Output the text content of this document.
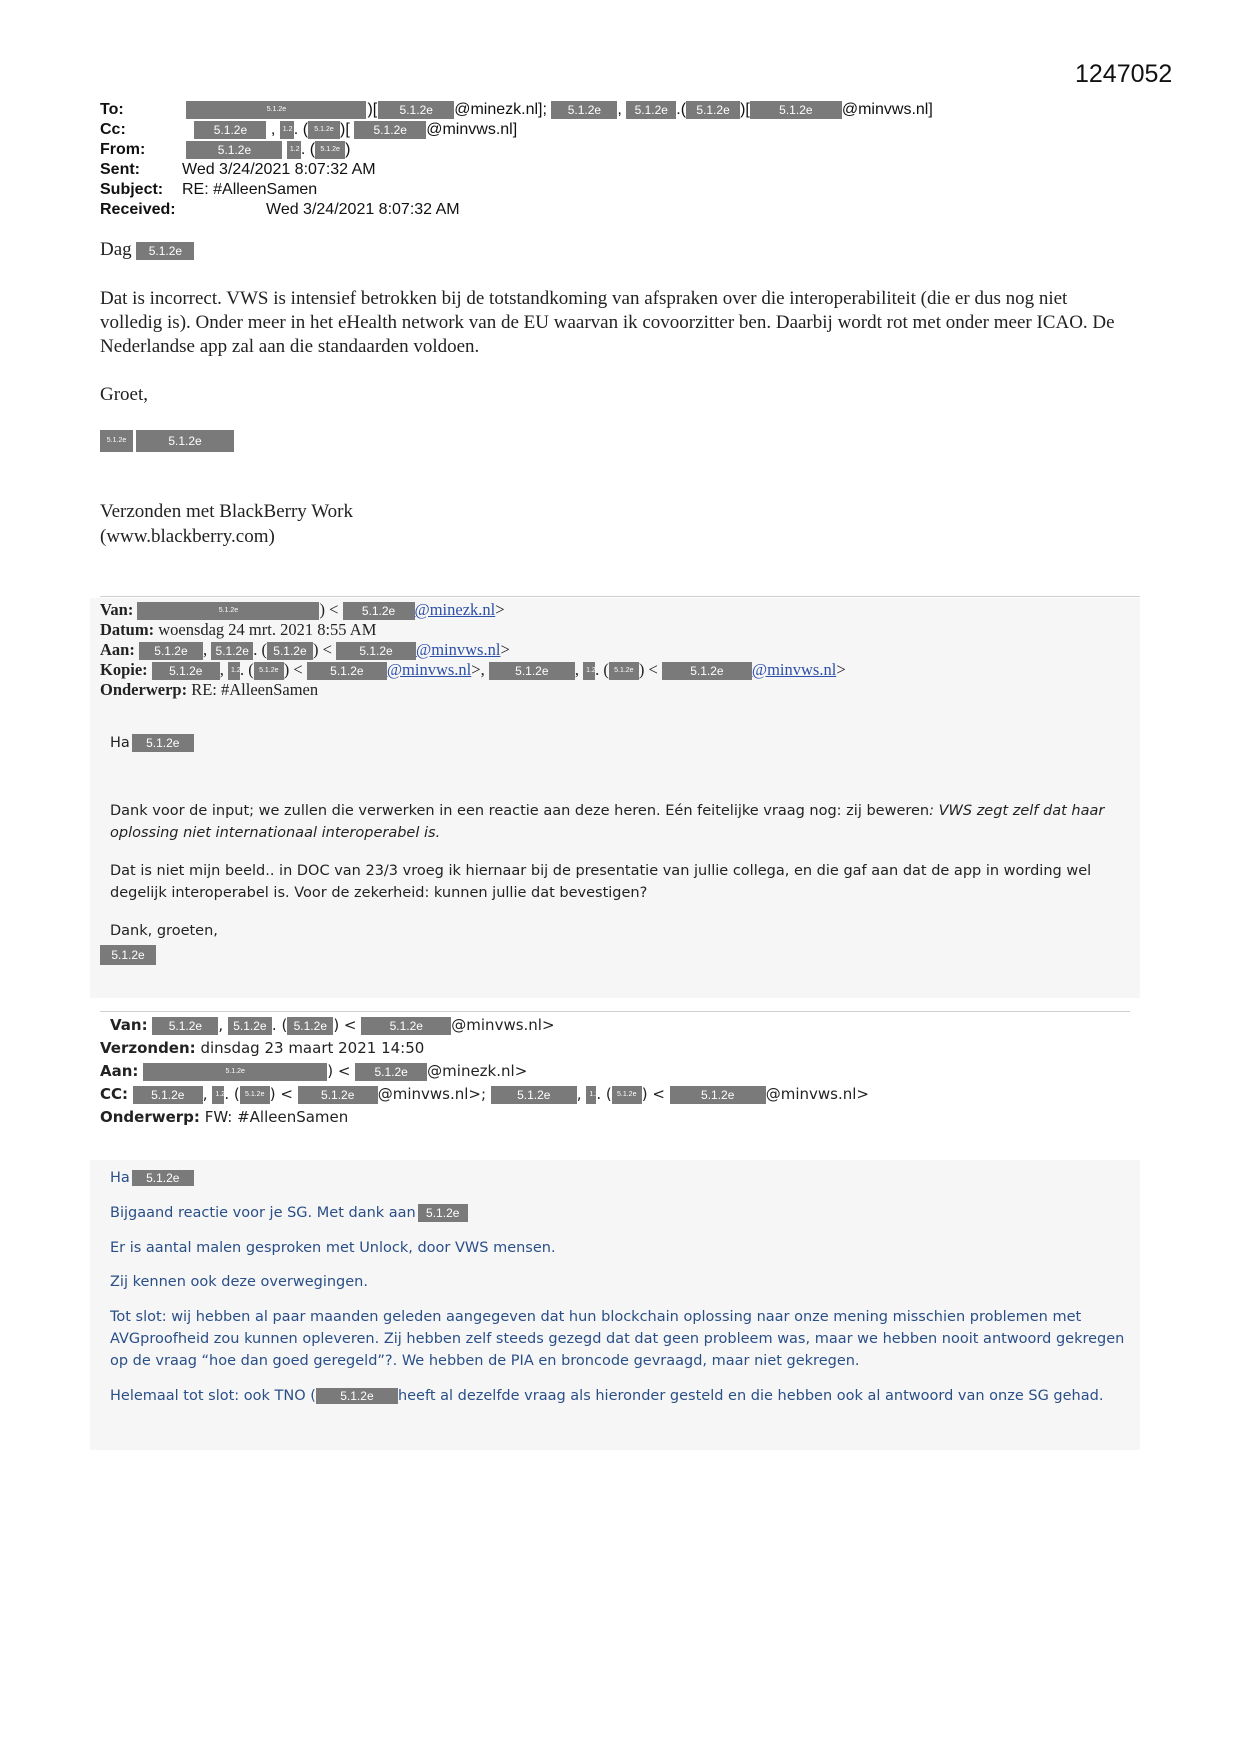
1247052
To:	5.1.2e	)[ 5.1.2e @minezk.nl]; 5.1.2e , 5.1.2e .( 5.1.2e )[ 5.1.2e @minvws.nl]
Cc:	5.1.2e , 1.2. ( 5.1.2e )[ 5.1.2e @minvws.nl]
From:	5.1.2e	1.2. ( 5.1.2e )
Sent:	Wed 3/24/2021 8:07:32 AM
Subject: RE: #AlleenSamen
Received:	Wed 3/24/2021 8:07:32 AM
Dag 5.1.2e
Dat is incorrect. VWS is intensief betrokken bij de totstandkoming van afspraken over die interoperabiliteit (die er dus nog niet volledig is). Onder meer in het eHealth network van de EU waarvan ik covoorzitter ben. Daarbij wordt rot met onder meer ICAO. De Nederlandse app zal aan die standaarden voldoen.
Groet,
5.1.2e	5.1.2e
Verzonden met BlackBerry Work
(www.blackberry.com)
Van:	5.1.2e	) < 5.1.2e @minezk.nl>
Datum: woensdag 24 mrt. 2021 8:55 AM
Aan: 5.1.2e , 5.1.2e . ( 5.1.2e ) < 5.1.2e @minvws.nl>
Kopie: 5.1.2e , 1.2. ( 5.1.2e ) < 5.1.2e @minvws.nl>, 5.1.2e , 1.2. ( 5.1.2e ) < 5.1.2e @minvws.nl>
Onderwerp: RE: #AlleenSamen
Ha 5.1.2e
Dank voor de input; we zullen die verwerken in een reactie aan deze heren. Eén feitelijke vraag nog: zij beweren: VWS zegt zelf dat haar oplossing niet internationaal interoperabel is.
Dat is niet mijn beeld.. in DOC van 23/3 vroeg ik hiernaar bij de presentatie van jullie collega, en die gaf aan dat de app in wording wel degelijk interoperabel is. Voor de zekerheid: kunnen jullie dat bevestigen?
Dank, groeten,
5.1.2e
Van: 5.1.2e , 5.1.2e . ( 5.1.2e ) < 5.1.2e @minvws.nl>
Verzonden: dinsdag 23 maart 2021 14:50
Aan:	5.1.2e	) < 5.1.2e @minezk.nl>
CC: 5.1.2e , 1.2. ( 5.1.2e ) < 5.1.2e @minvws.nl>;	5.1.2e , 1.2. ( 5.1.2e ) <	5.1.2e @minvws.nl>
Onderwerp: FW: #AlleenSamen
Ha 5.1.2e
Bijgaand reactie voor je SG. Met dank aan 5.1.2e
Er is aantal malen gesproken met Unlock, door VWS mensen.
Zij kennen ook deze overwegingen.
Tot slot: wij hebben al paar maanden geleden aangegeven dat hun blockchain oplossing naar onze mening misschien problemen met AVGproofheid zou kunnen opleveren. Zij hebben zelf steeds gezegd dat dat geen probleem was, maar we hebben nooit antwoord gekregen op de vraag “hoe dan goed geregeld”?. We hebben de PIA en broncode gevraagd, maar niet gekregen.
Helemaal tot slot: ook TNO ( 5.1.2e heeft al dezelfde vraag als hieronder gesteld en die hebben ook al antwoord van onze SG gehad.
